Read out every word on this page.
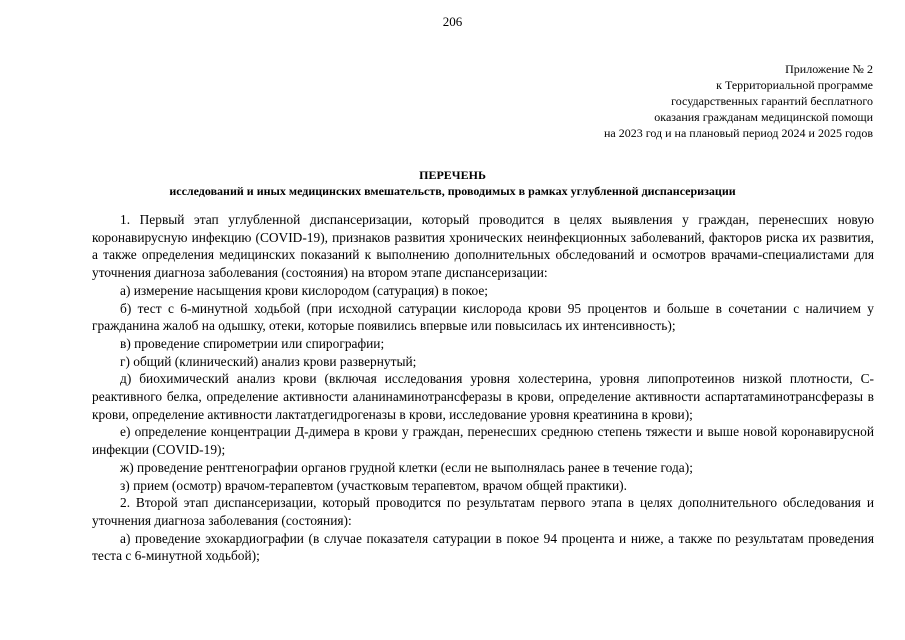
206
Приложение № 2
к Территориальной программе
государственных гарантий бесплатного
оказания гражданам медицинской помощи
на 2023 год и на плановый период 2024 и 2025 годов
ПЕРЕЧЕНЬ
исследований и иных медицинских вмешательств, проводимых в рамках углубленной диспансеризации

1. Первый этап углубленной диспансеризации, который проводится в целях выявления у граждан, перенесших новую коронавирусную инфекцию (COVID-19), признаков развития хронических неинфекционных заболеваний, факторов риска их развития, а также определения медицинских показаний к выполнению дополнительных обследований и осмотров врачами-специалистами для уточнения диагноза заболевания (состояния) на втором этапе диспансеризации:

а) измерение насыщения крови кислородом (сатурация) в покое;

б) тест с 6-минутной ходьбой (при исходной сатурации кислорода крови 95 процентов и больше в сочетании с наличием у гражданина жалоб на одышку, отеки, которые появились впервые или повысилась их интенсивность);

в) проведение спирометрии или спирографии;

г) общий (клинический) анализ крови развернутый;

д) биохимический анализ крови (включая исследования уровня холестерина, уровня липопротеинов низкой плотности, С-реактивного белка, определение активности аланинаминотрансферазы в крови, определение активности аспартатаминотрансферазы в крови, определение активности лактатдегидрогеназы в крови, исследование уровня креатинина в крови);

е) определение концентрации Д-димера в крови у граждан, перенесших среднюю степень тяжести и выше новой коронавирусной инфекции (COVID-19);

ж) проведение рентгенографии органов грудной клетки (если не выполнялась ранее в течение года);

з) прием (осмотр) врачом-терапевтом (участковым терапевтом, врачом общей практики).

2. Второй этап диспансеризации, который проводится по результатам первого этапа в целях дополнительного обследования и уточнения диагноза заболевания (состояния):

а) проведение эхокардиографии (в случае показателя сатурации в покое 94 процента и ниже, а также по результатам проведения теста с 6-минутной ходьбой);
